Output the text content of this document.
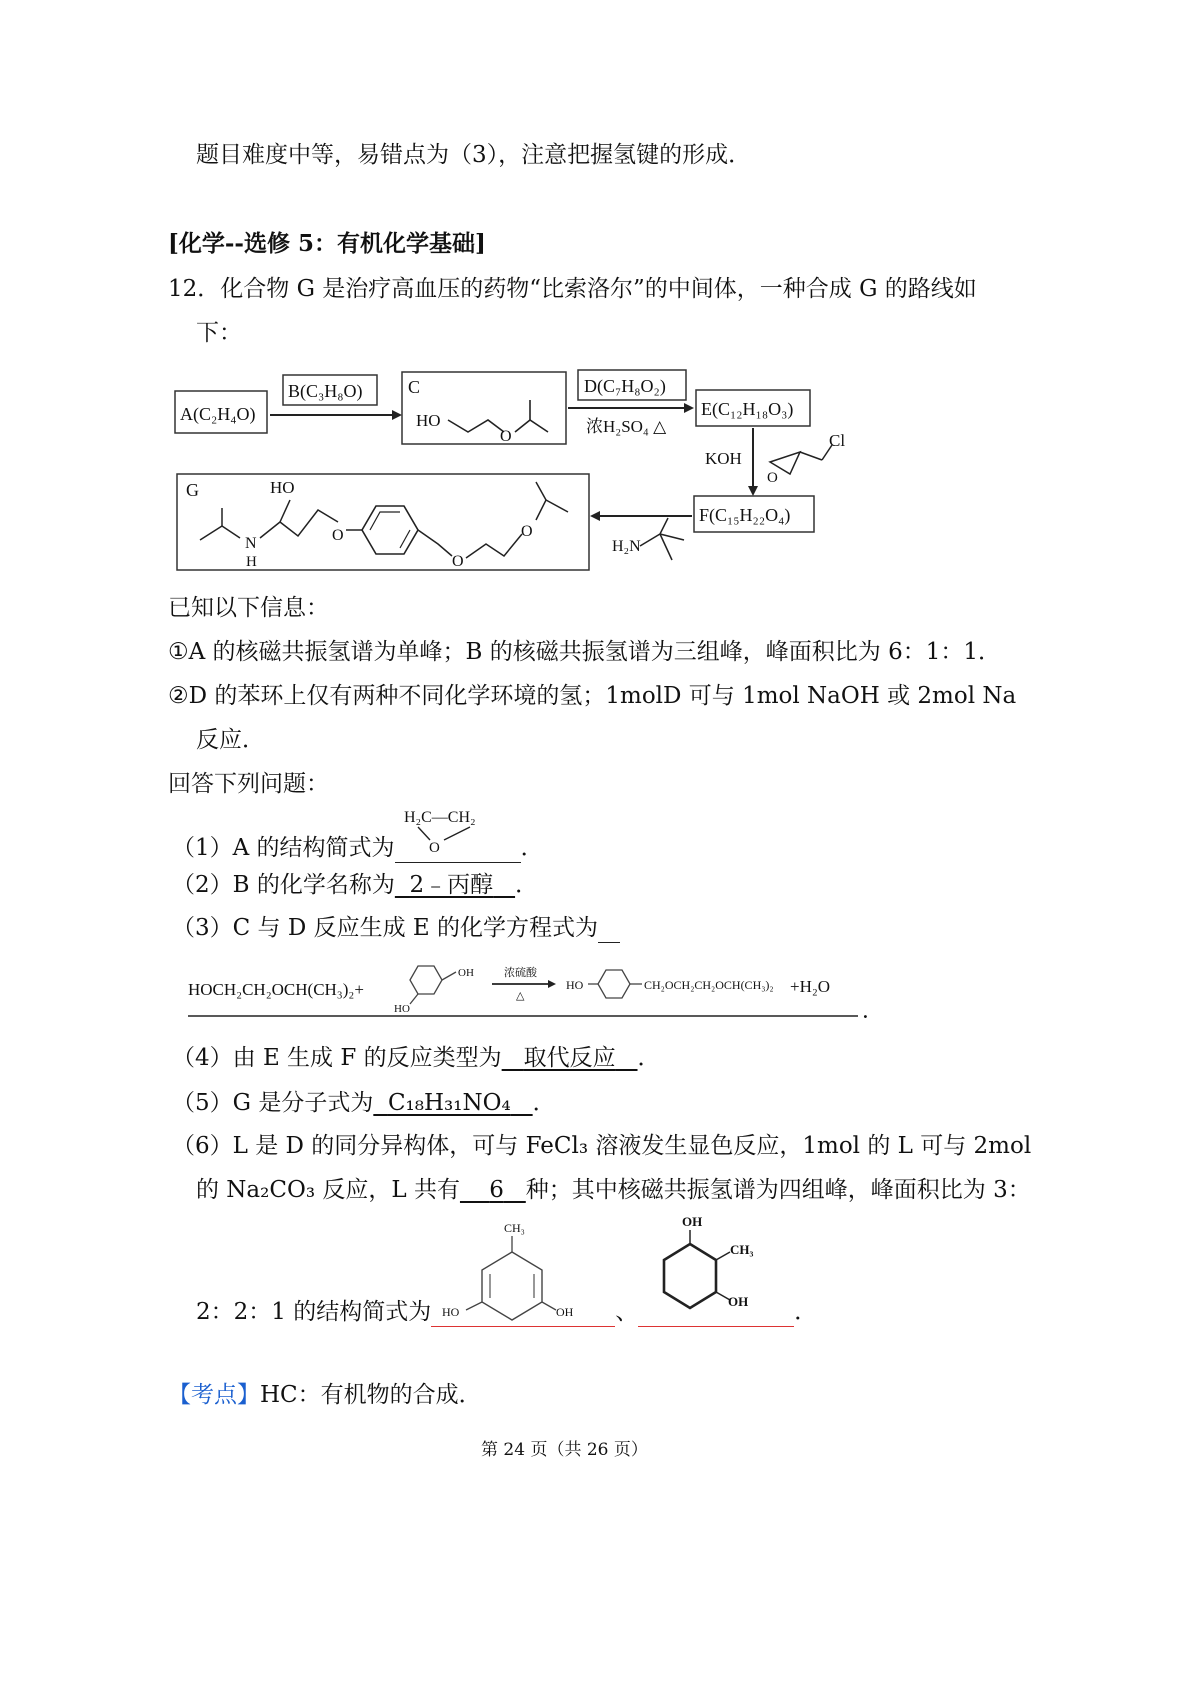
题目难度中等，易错点为（3），注意把握氢键的形成．
[化学--选修 5：有机化学基础]
12．化合物 G 是治疗高血压的药物“比索洛尔”的中间体，一种合成 G 的路线如
下：
A(C₂H₄O)
B(C₃H₈O)	C
HO
O
D(C₇H₈O₂)
浓H₂SO₄ △
E(C₁₂H₁₈O₃)
KOH
O
Cl
F(C₁₅H₂₂O₄)
H₂N
G	HO
N
H
O
O
O
已知以下信息：
①A 的核磁共振氢谱为单峰；B 的核磁共振氢谱为三组峰，峰面积比为 6：1：1．
②D 的苯环上仅有两种不同化学环境的氢；1molD 可与 1mol NaOH 或 2mol Na
反应．
回答下列问题：
（1）A 的结构简式为	．
H₂C—CH₂
O
（2）B 的化学名称为 2﹣丙醇 ．
（3）C 与 D 反应生成 E 的化学方程式为
HOCH₂CH₂OCH(CH₃)₂+
OH
HO
浓硫酸
△
HO	CH₂OCH₂CH₂OCH(CH₃)₂ +H₂O
．
（4）由 E 生成 F 的反应类型为 取代反应 ．
（5）G 是分子式为 C₁₈H₃₁NO₄ ．
（6）L 是 D 的同分异构体，可与 FeCl₃ 溶液发生显色反应，1mol 的 L 可与 2mol
的 Na₂CO₃ 反应，L 共有 6 种；其中核磁共振氢谱为四组峰，峰面积比为 3：
2：2：1 的结构简式为	、	．
CH₃
HO	OH
OH
CH₃
OH
【考点】HC：有机物的合成．
第 24 页（共 26 页）
